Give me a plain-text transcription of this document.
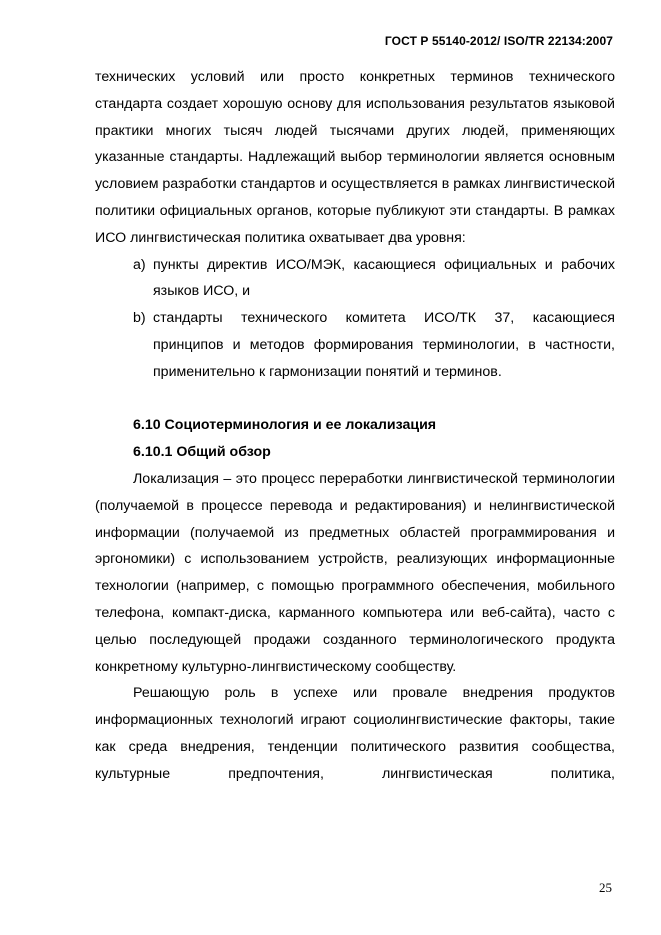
ГОСТ Р 55140-2012/ ISO/TR 22134:2007

технических условий или просто конкретных терминов технического стандарта создает хорошую основу для использования результатов языковой практики многих тысяч людей тысячами других людей, применяющих указанные стандарты. Надлежащий выбор терминологии является основным условием разработки стандартов и осуществляется в рамках лингвистической политики официальных органов, которые публикуют эти стандарты. В рамках ИСО лингвистическая политика охватывает два уровня:

a) пункты директив ИСО/МЭК, касающиеся официальных и рабочих языков ИСО, и
b) стандарты технического комитета ИСО/ТК 37, касающиеся принципов и методов формирования терминологии, в частности, применительно к гармонизации понятий и терминов.

6.10 Социотерминология и ее локализация

6.10.1 Общий обзор

Локализация – это процесс переработки лингвистической терминологии (получаемой в процессе перевода и редактирования) и нелингвистической информации (получаемой из предметных областей программирования и эргономики) с использованием устройств, реализующих информационные технологии (например, с помощью программного обеспечения, мобильного телефона, компакт-диска, карманного компьютера или веб-сайта), часто с целью последующей продажи созданного терминологического продукта конкретному культурно-лингвистическому сообществу.

Решающую роль в успехе или провале внедрения продуктов информационных технологий играют социолингвистические факторы, такие как среда внедрения, тенденции политического развития сообщества, культурные предпочтения, лингвистическая политика,

25
